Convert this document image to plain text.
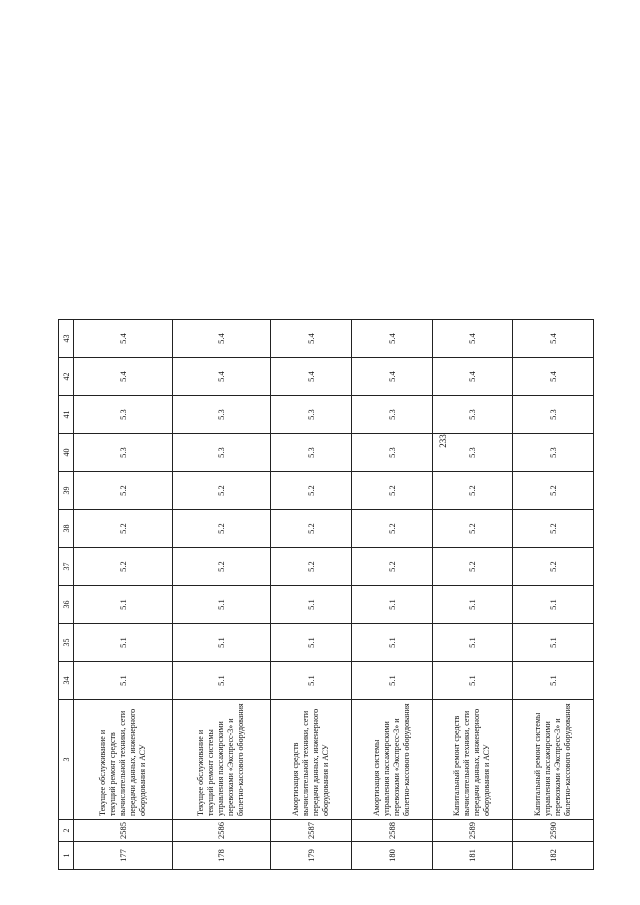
233
1	2	3	34	35	36	37	38	39	40	41	42	43
177	2585	Текущее обслуживание и текущий ремонт средств вычислительной техники, сети передачи данных, инженерного оборудования и АСУ	5.1	5.1	5.1	5.2	5.2	5.2	5.3	5.3	5.4	5.4
178	2586	Текущее обслуживание и текущий ремонт системы управления пассажирскими перевозками «Экспресс-3» и билетно-кассового оборудования	5.1	5.1	5.1	5.2	5.2	5.2	5.3	5.3	5.4	5.4
179	2587	Амортизация средств вычислительной техники, сети передачи данных, инженерного оборудования и АСУ	5.1	5.1	5.1	5.2	5.2	5.2	5.3	5.3	5.4	5.4
180	2588	Амортизация системы управления пассажирскими перевозками «Экспресс-3» и билетно-кассового оборудования	5.1	5.1	5.1	5.2	5.2	5.2	5.3	5.3	5.4	5.4
181	2589	Капитальный ремонт средств вычислительной техники, сети передачи данных, инженерного оборудования и АСУ	5.1	5.1	5.1	5.2	5.2	5.2	5.3	5.3	5.4	5.4
182	2590	Капитальный ремонт системы управления пассажирскими перевозками «Экспресс-3» и билетно-кассового оборудования	5.1	5.1	5.1	5.2	5.2	5.2	5.3	5.3	5.4	5.4
